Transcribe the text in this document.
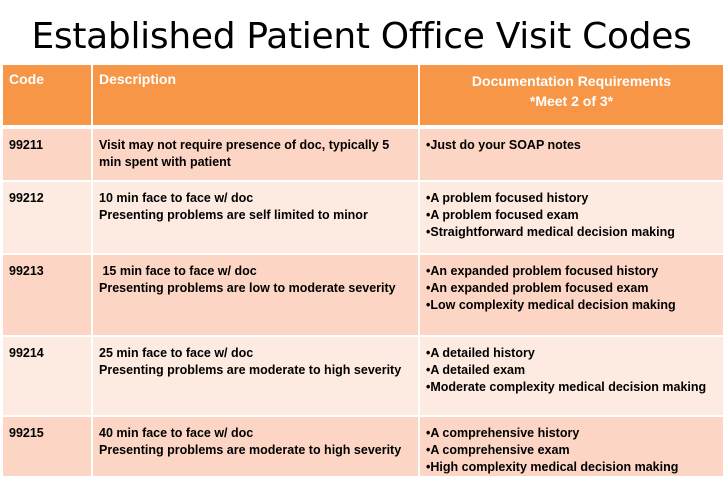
Established Patient Office Visit Codes
Code	Description	Documentation Requirements
*Meet 2 of 3*

99211	Visit may not require presence of doc, typically 5
min spent with patient	•Just do your SOAP notes

99212	10 min face to face w/ doc
Presenting problems are self limited to minor	•A problem focused history
•A problem focused exam
•Straightforward medical decision making

99213	15 min face to face w/ doc
Presenting problems are low to moderate severity	•An expanded problem focused history
•An expanded problem focused exam
•Low complexity medical decision making

99214	25 min face to face w/ doc
Presenting problems are moderate to high severity	•A detailed history
•A detailed exam
•Moderate complexity medical decision making

99215	40 min face to face w/ doc
Presenting problems are moderate to high severity	•A comprehensive history
•A comprehensive exam
•High complexity medical decision making
